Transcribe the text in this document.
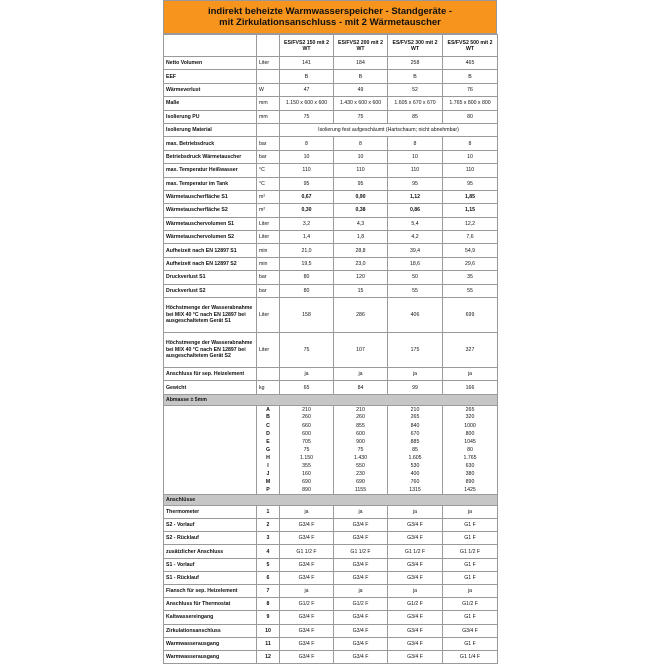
indirekt beheizte Warmwasserspeicher - Standgeräte -
mit Zirkulationsanschluss - mit 2 Wärmetauscher
		ES/FVS2 150 mit 2 WT	ES/FVS2 200 mit 2 WT	ES/FVS2 300 mit 2 WT	ES/FVS2 500 mit 2 WT
Netto Volumen	Liter	141	184	258	465
EEF		B	B	B	B
Wärmeverlust	W	47	49	52	76
Maße	mm	1.150 x 600 x 600	1.430 x 600 x 600	1.605 x 670 x 670	1.765 x 800 x 800
Isolierung PU	mm	75	75	85	80
Isolierung Material		Isolierung fest aufgeschäumt (Hartschaum; nicht abnehmbar)			
max. Betriebsdruck	bar	8	8	8	8
Betriebsdruck Wärmetauscher	bar	10	10	10	10
max. Temperatur Heißwasser	°C	110	110	110	110
max. Temperatur im Tank	°C	95	95	95	95
Wärmetauscherfläche S1	m²	0,67	0,90	1,12	1,85
Wärmetauscherfläche S2	m²	0,30	0,38	0,86	1,15
Wärmetauschervolumen S1	Liter	3,2	4,3	5,4	12,2
Wärmetauschervolumen S2	Liter	1,4	1,8	4,2	7,6
Aufheizeit nach EN 12897 S1	min	21,0	28,8	39,4	54,9
Aufheizeit nach EN 12897 S2	min	19,5	23,0	18,6	29,6
Druckverlust S1	bar	80	120	50	35
Druckverlust S2	bar	80	15	55	55
Höchstmenge der Wasserabnahme bei MIX 40 °C nach EN 12897 bei ausgeschaltetem Gerät S1	Liter	158	286	406	699
Höchstmenge der Wasserabnahme bei MIX 40 °C nach EN 12897 bei ausgeschaltetem Gerät S2	Liter	75	107	175	327
Anschluss für sep. Heizelement		ja	ja	ja	ja
Gewicht	kg	65	84	99	166
Abmasse ± 5mm					
	A	210	210	210	265
	B	260	260	265	320
	C	660	855	840	1000
	D	600	600	670	800
	E	705	900	885	1045
	G	75	75	85	80
	H	1.150	1.430	1.605	1.765
	I	355	550	530	630
	J	160	230	400	380
	M	690	690	760	890
	P	890	1155	1315	1425
Anschlüsse					
Thermometer	1	ja	ja	ja	ja
S2 - Vorlauf	2	G3/4 F	G3/4 F	G3/4 F	G1 F
S2 - Rücklauf	3	G3/4 F	G3/4 F	G3/4 F	G1 F
zusätzlicher Anschluss	4	G1 1/2 F	G1 1/2 F	G1 1/2 F	G1 1/2 F
S1 - Vorlauf	5	G3/4 F	G3/4 F	G3/4 F	G1 F
S1 - Rücklauf	6	G3/4 F	G3/4 F	G3/4 F	G1 F
Flansch für sep. Heizelement	7	ja	ja	ja	ja
Anschluss für Thermostat	8	G1/2 F	G1/2 F	G1/2 F	G1/2 F
Kaltwassereingang	9	G3/4 F	G3/4 F	G3/4 F	G1 F
Zirkulationsanschluss	10	G3/4 F	G3/4 F	G3/4 F	G3/4 F
Warmwasserausgang	11	G3/4 F	G3/4 F	G3/4 F	G1 F
Warmwasserausgang	12	G3/4 F	G3/4 F	G3/4 F	G1 1/4 F
